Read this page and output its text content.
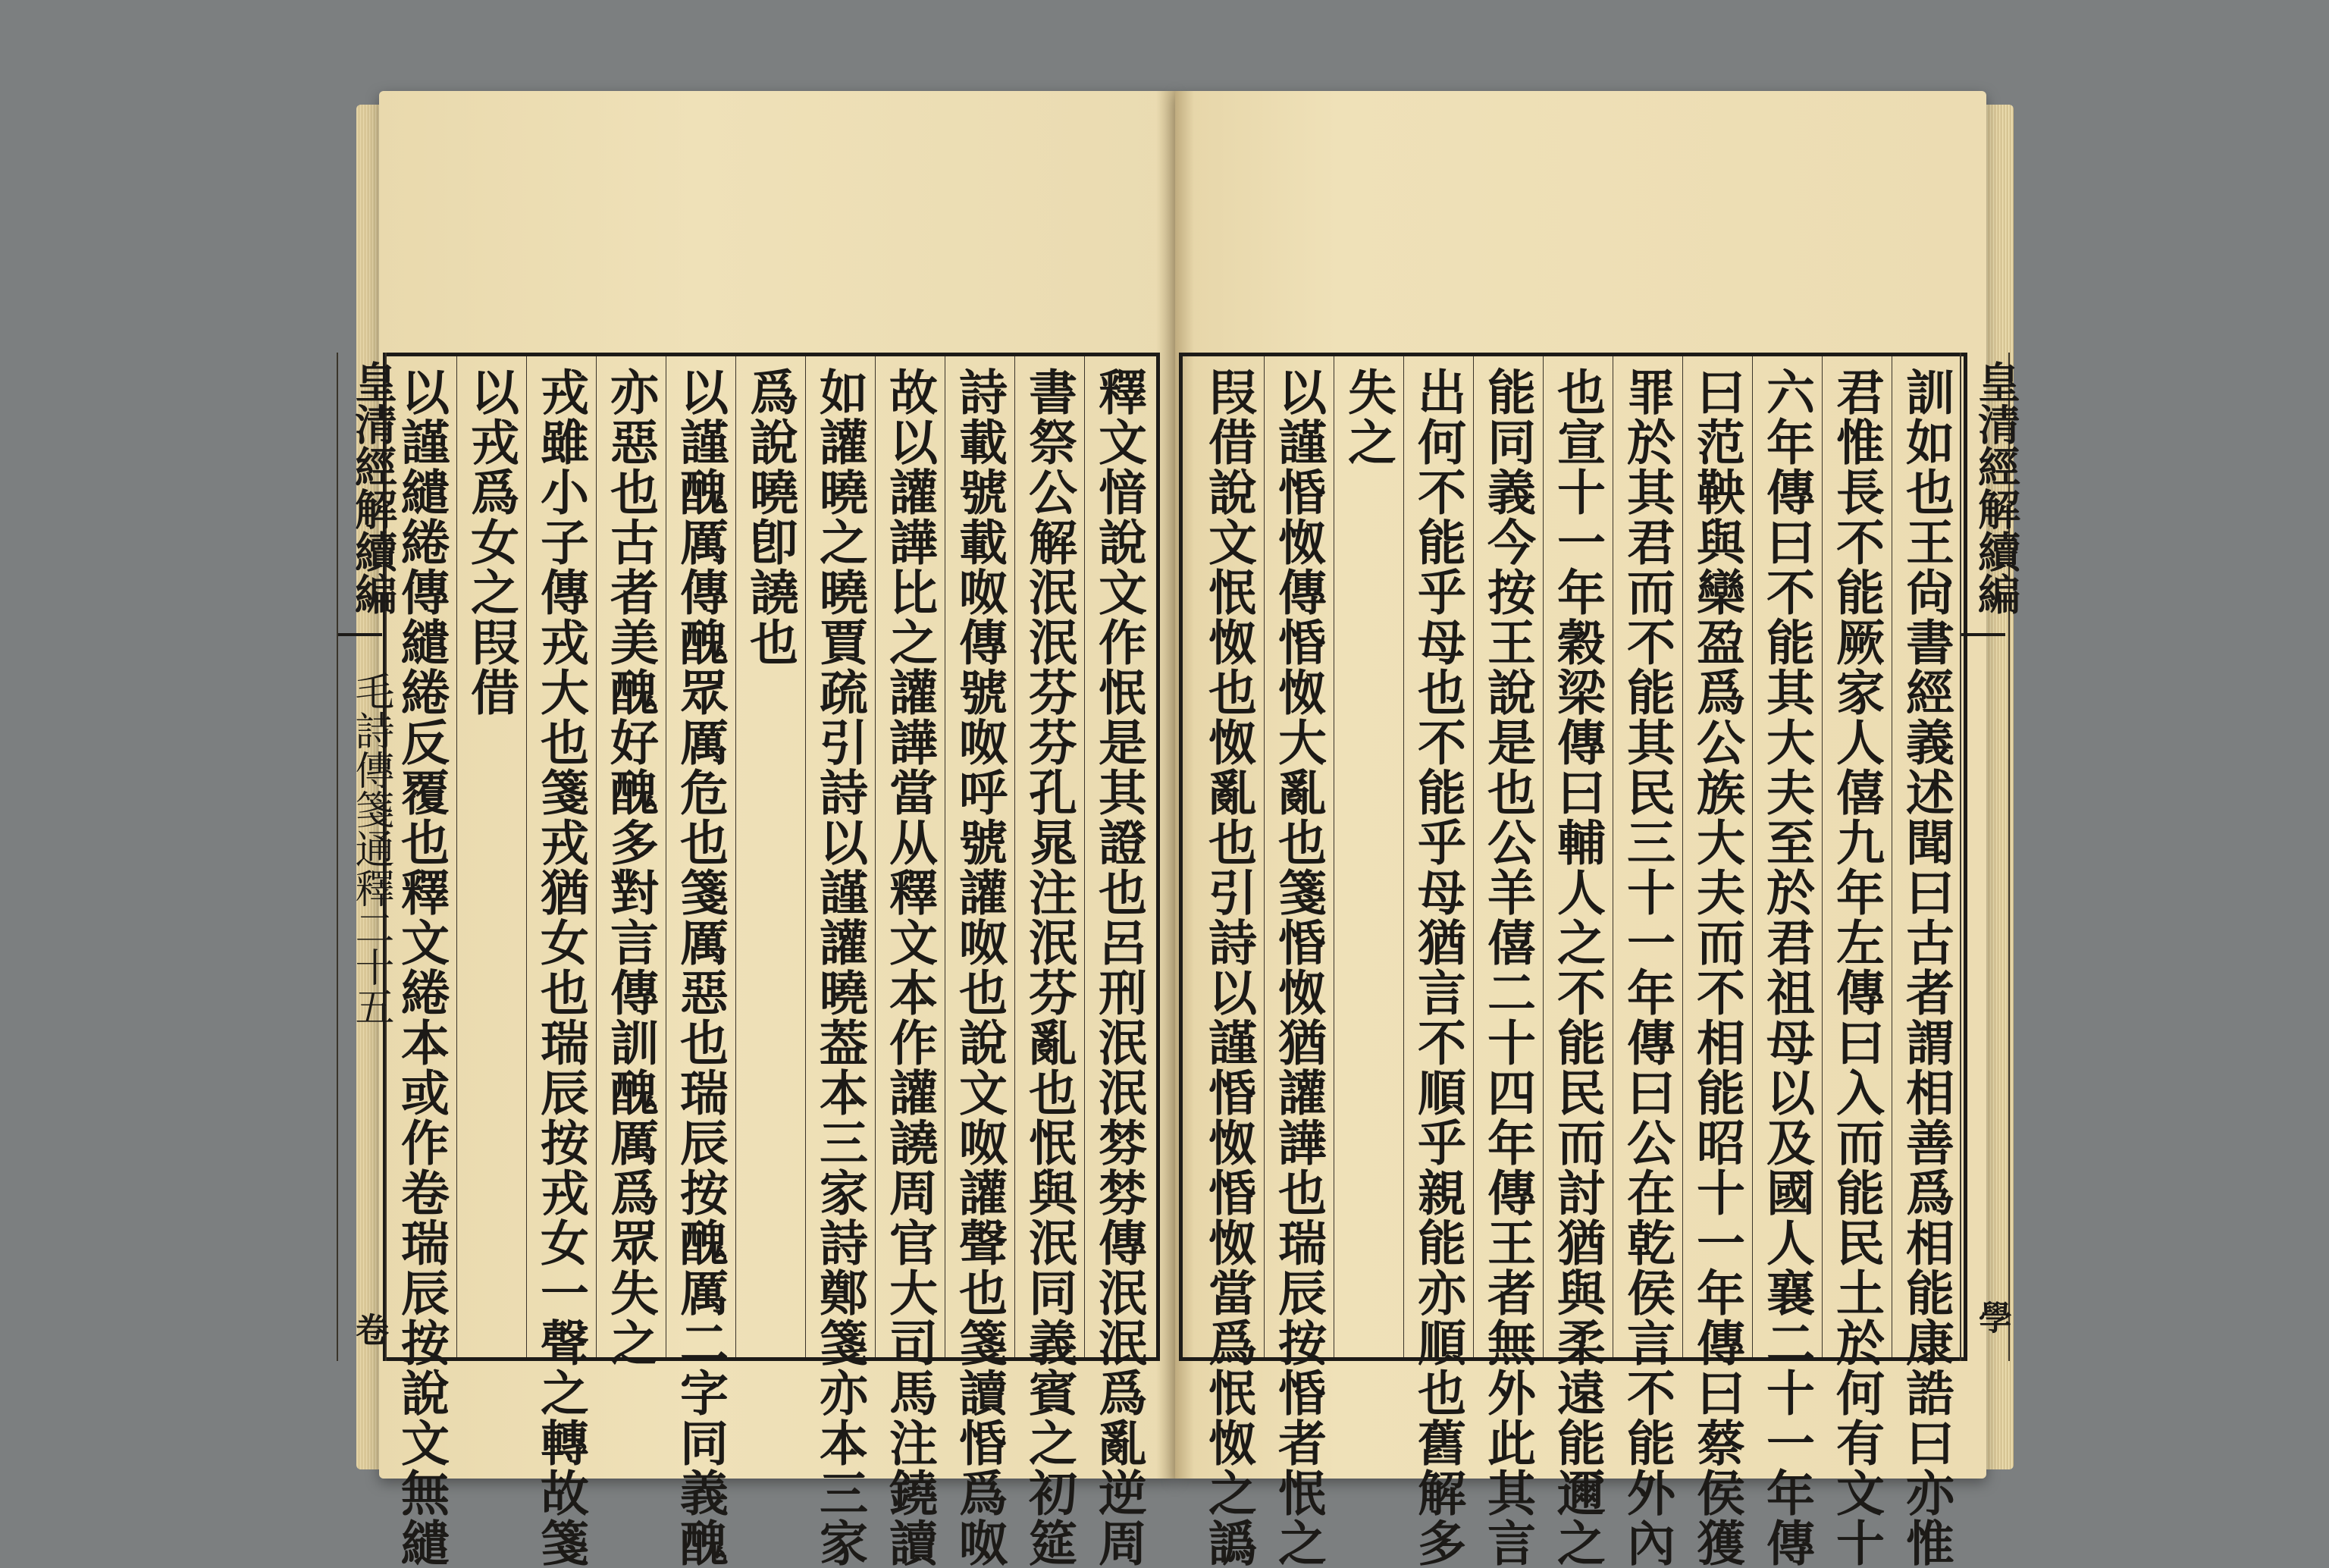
皇清經解續編
毛詩傳箋通釋二十五
卷	釋文愔說文作怋是其證也呂刑泯泯棼棼傳泯泯爲亂逆周
書祭公解泯泯芬芬孔晁注泯芬亂也怋與泯同義賓之初筵
詩載號載呶傳號呶呼號讙呶也說文呶讙聲也箋讀惛爲呶
故以讙譁比之讙譁當从釋文本作讙譊周官大司馬注鐃讀
如讙曉之曉賈疏引詩以謹讙曉葢本三家詩鄭箋亦本三家
爲說曉卽譊也
以謹醜厲傳醜眾厲危也箋厲惡也瑞辰按醜厲二字同義醜
亦惡也古者美醜好醜多對言傳訓醜厲爲眾失之
戎雖小子傳戎大也箋戎猶女也瑞辰按戎女一聲之轉故箋
以戎爲女之叚借
以謹繾綣傳繾綣反覆也釋文綣本或作卷瑞辰按說文無繾	訓如也王尙書經義述聞曰古者謂相善爲相能康誥曰亦惟
君惟長不能厥家人僖九年左傳曰入而能民土於何有文十
六年傳曰不能其大夫至於君祖母以及國人襄二十一年傳
曰范鞅與欒盈爲公族大夫而不相能昭十一年傳曰蔡侯獲
罪於其君而不能其民三十一年傳曰公在乾侯言不能外內
也宣十一年穀梁傳曰輔人之不能民而討猶與柔遠能邇之
能同義今按王說是也公羊僖二十四年傳王者無外此其言
出何不能乎母也不能乎母猶言不順乎親能亦順也舊解多
失之
以謹惛怓傳惛怓大亂也箋惛怓猶讙譁也瑞辰按惛者怋之
叚借說文怋怓也怓亂也引詩以謹惛怓惛怓當爲怋怓之譌	皇清經解續編
學
